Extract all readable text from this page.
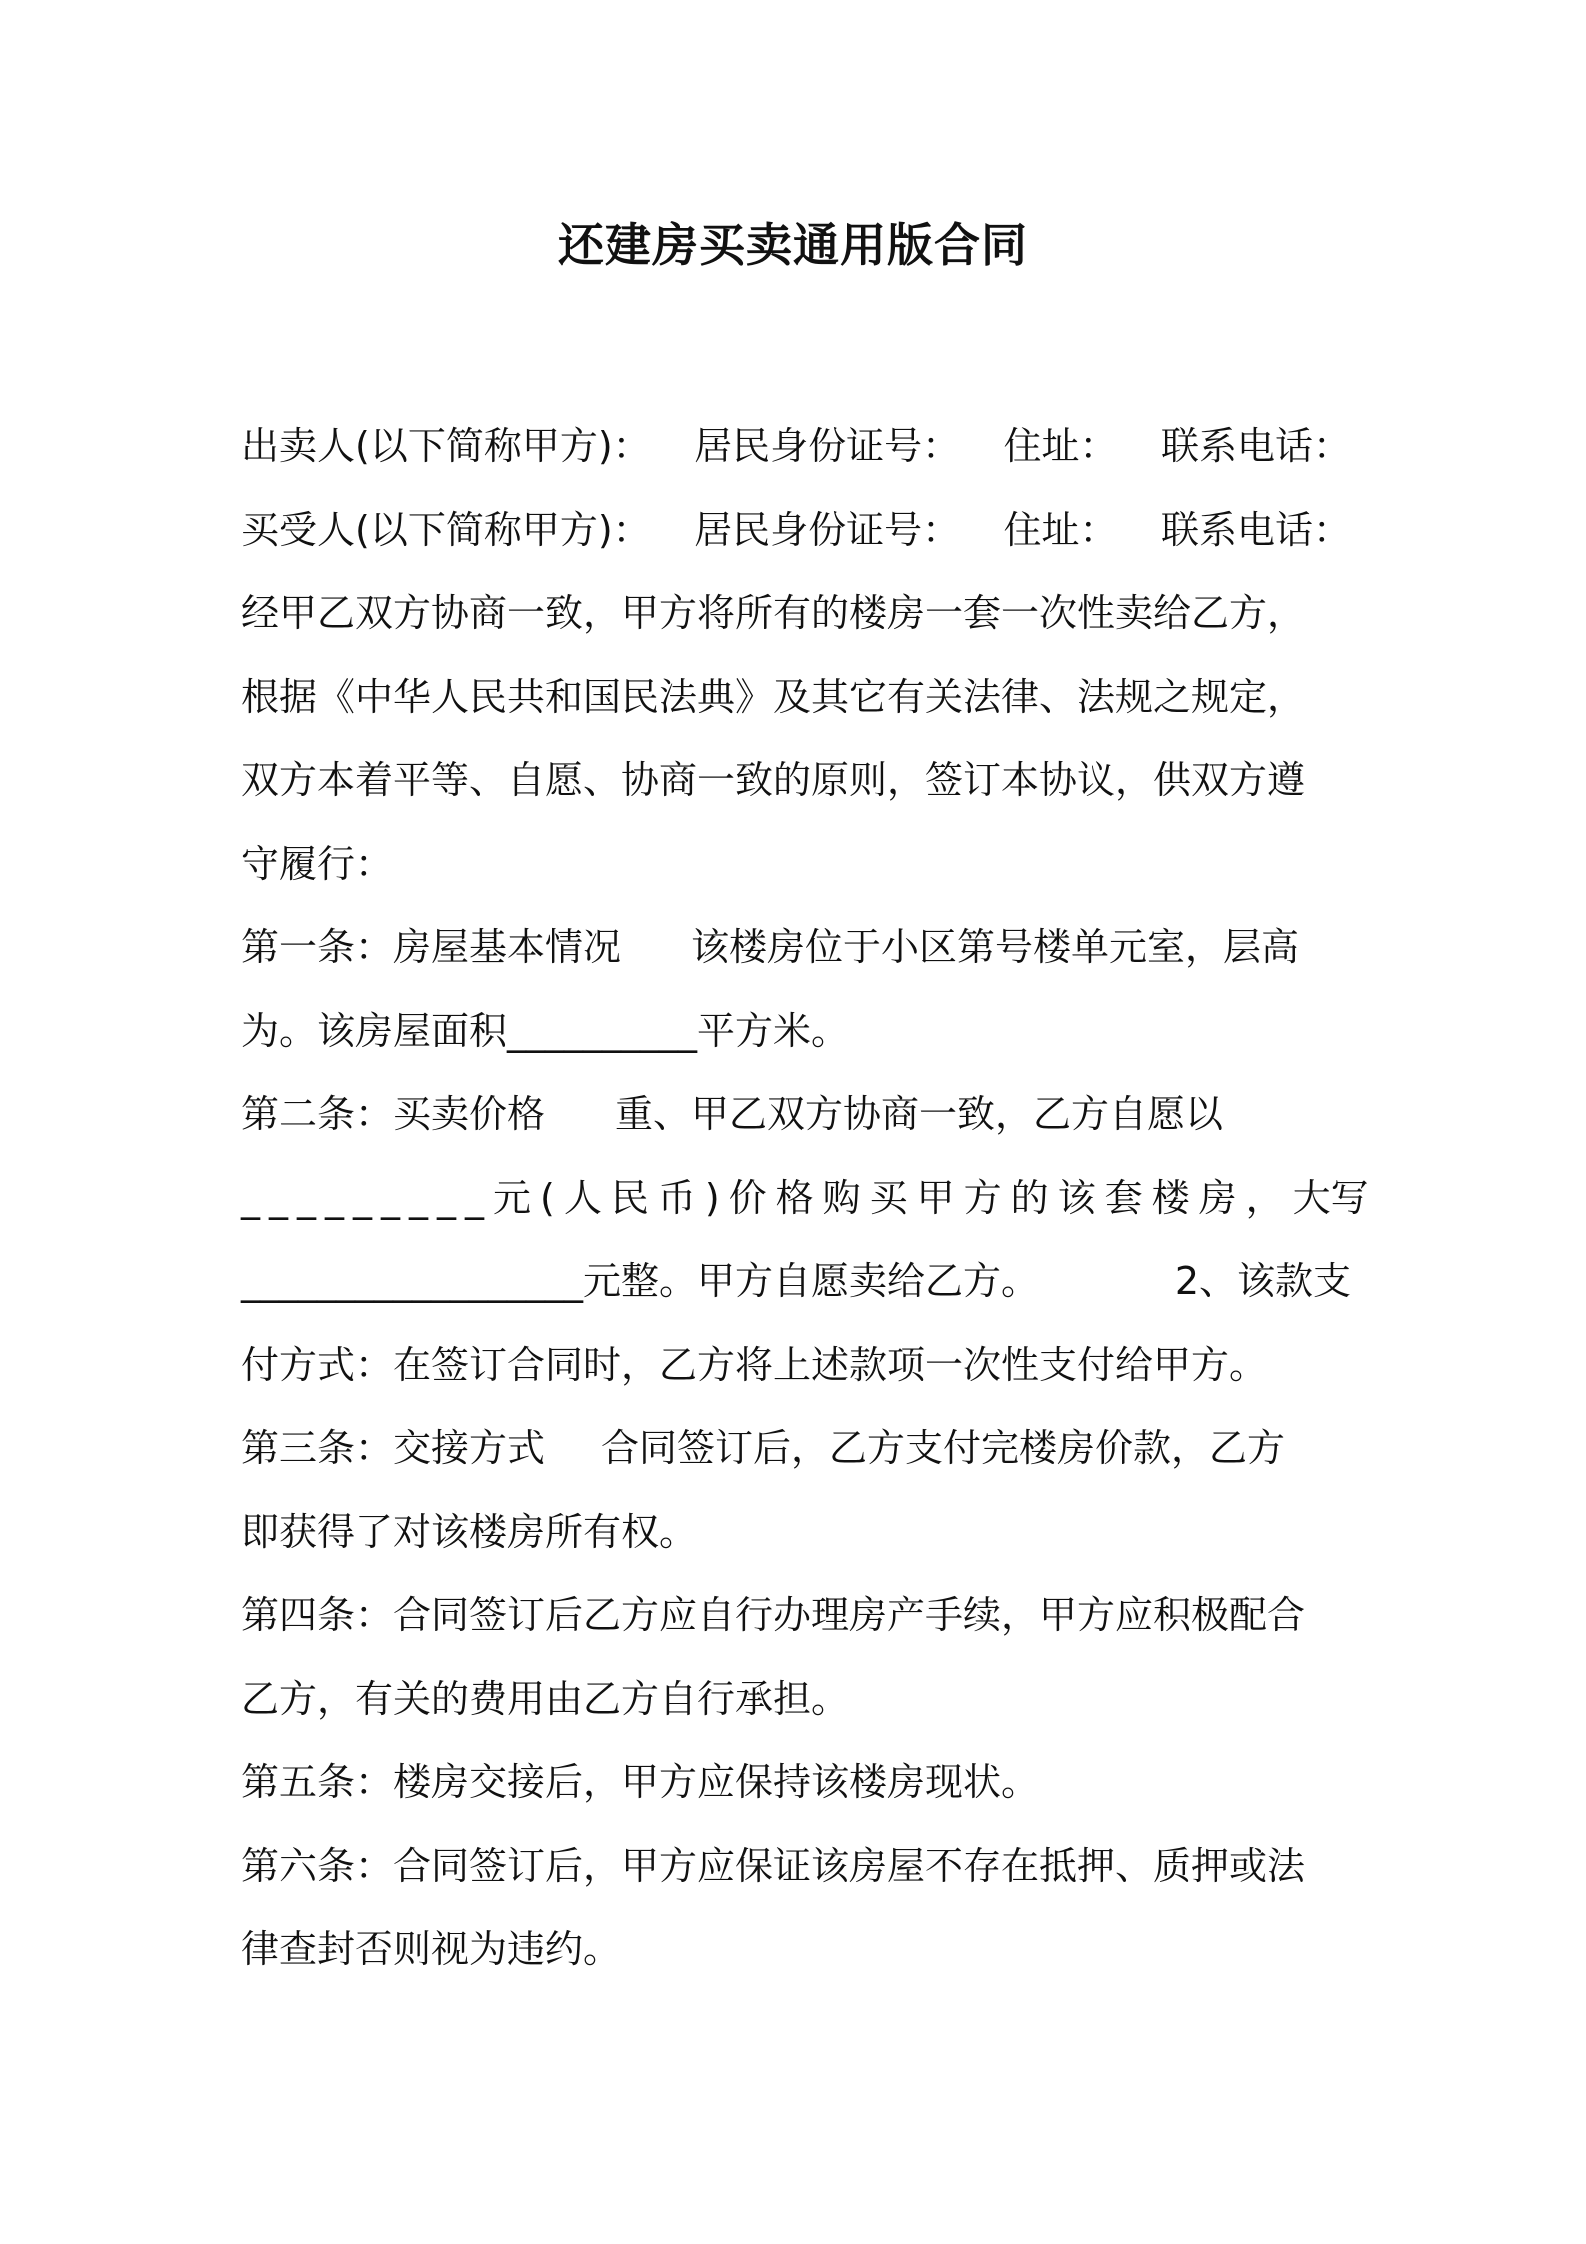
还建房买卖通用版合同
出卖人(以下简称甲方)： 居民身份证号： 住址： 联系电话：
买受人(以下简称甲方)： 居民身份证号： 住址： 联系电话：
经甲乙双方协商一致，甲方将所有的楼房一套一次性卖给乙方，
根据《中华人民共和国民法典》及其它有关法律、法规之规定，
双方本着平等、自愿、协商一致的原则，签订本协议，供双方遵
守履行：
第一条：房屋基本情况 该楼房位于小区第号楼单元室，层高
为。该房屋面积__________平方米。
第二条：买卖价格 重、甲乙双方协商一致，乙方自愿以
_________元(人民币)价格购买甲方的该套楼房， 大写
__________________元整。甲方自愿卖给乙方。	2、该款支
付方式：在签订合同时，乙方将上述款项一次性支付给甲方。
第三条：交接方式 合同签订后，乙方支付完楼房价款，乙方
即获得了对该楼房所有权。
第四条：合同签订后乙方应自行办理房产手续，甲方应积极配合
乙方，有关的费用由乙方自行承担。
第五条：楼房交接后，甲方应保持该楼房现状。
第六条：合同签订后，甲方应保证该房屋不存在抵押、质押或法
律查封否则视为违约。
